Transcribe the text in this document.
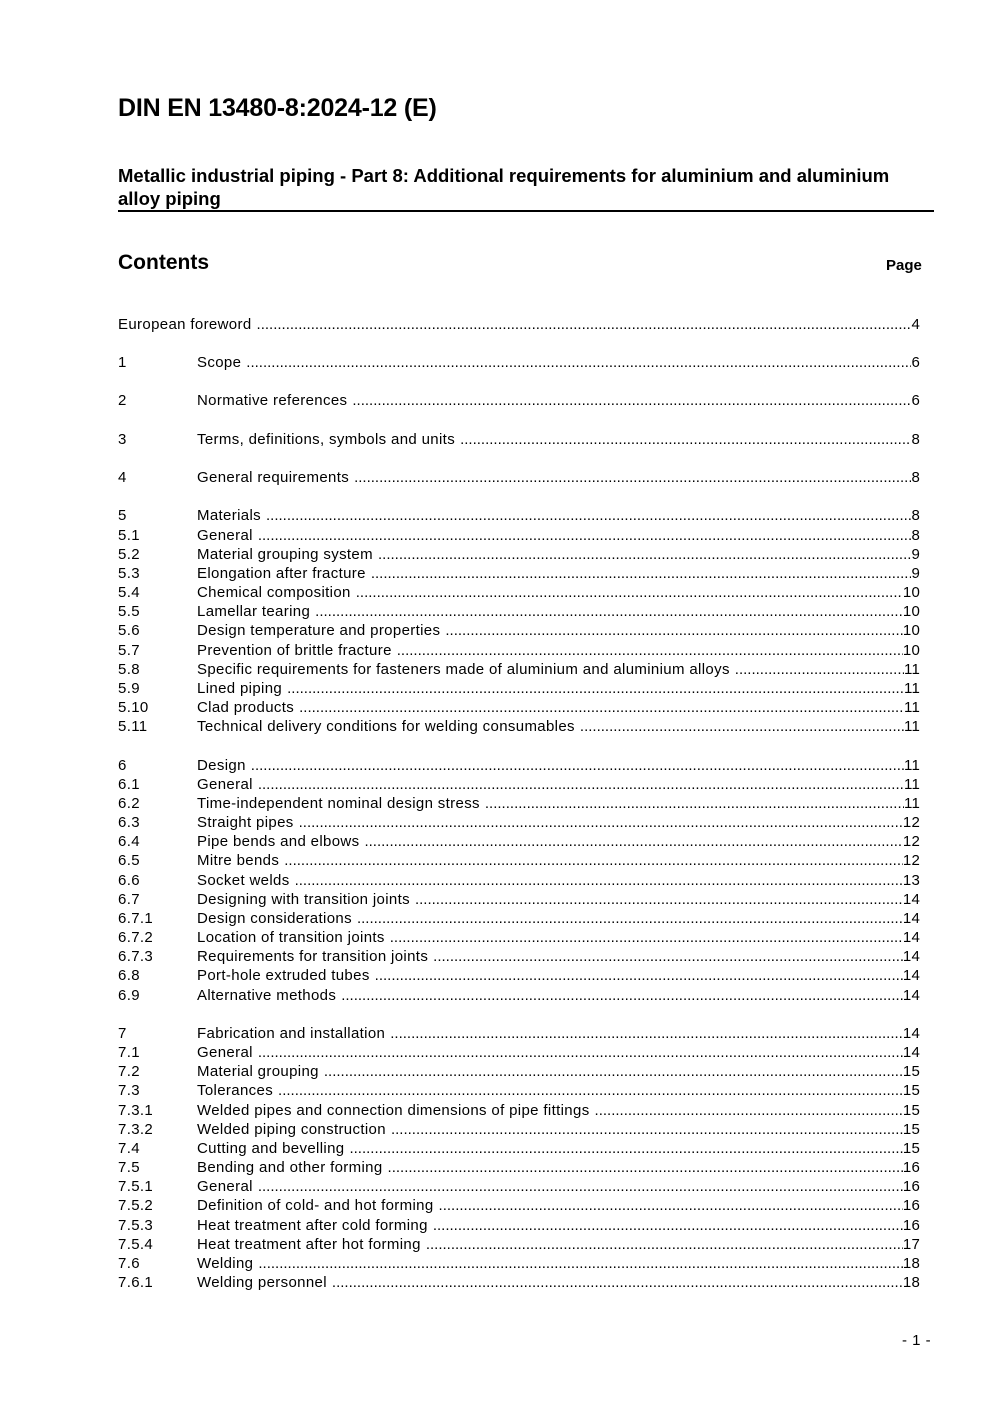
DIN EN 13480-8:2024-12 (E)
Metallic industrial piping - Part 8: Additional requirements for aluminium and aluminium alloy piping
Contents	Page
European foreword .....	4
1	Scope .....	6
2	Normative references .....	6
3	Terms, definitions, symbols and units .....	8
4	General requirements .....	8
5	Materials .....	8
5.1	General .....	8
5.2	Material grouping system .....	9
5.3	Elongation after fracture .....	9
5.4	Chemical composition .....	10
5.5	Lamellar tearing .....	10
5.6	Design temperature and properties .....	10
5.7	Prevention of brittle fracture .....	10
5.8	Specific requirements for fasteners made of aluminium and aluminium alloys .....	11
5.9	Lined piping .....	11
5.10	Clad products .....	11
5.11	Technical delivery conditions for welding consumables .....	11
6	Design .....	11
6.1	General .....	11
6.2	Time-independent nominal design stress .....	11
6.3	Straight pipes .....	12
6.4	Pipe bends and elbows .....	12
6.5	Mitre bends .....	12
6.6	Socket welds .....	13
6.7	Designing with transition joints .....	14
6.7.1	Design considerations .....	14
6.7.2	Location of transition joints .....	14
6.7.3	Requirements for transition joints .....	14
6.8	Port-hole extruded tubes .....	14
6.9	Alternative methods .....	14
7	Fabrication and installation .....	14
7.1	General .....	14
7.2	Material grouping .....	15
7.3	Tolerances .....	15
7.3.1	Welded pipes and connection dimensions of pipe fittings .....	15
7.3.2	Welded piping construction .....	15
7.4	Cutting and bevelling .....	15
7.5	Bending and other forming .....	16
7.5.1	General .....	16
7.5.2	Definition of cold- and hot forming .....	16
7.5.3	Heat treatment after cold forming .....	16
7.5.4	Heat treatment after hot forming .....	17
7.6	Welding .....	18
7.6.1	Welding personnel .....	18
- 1 -
